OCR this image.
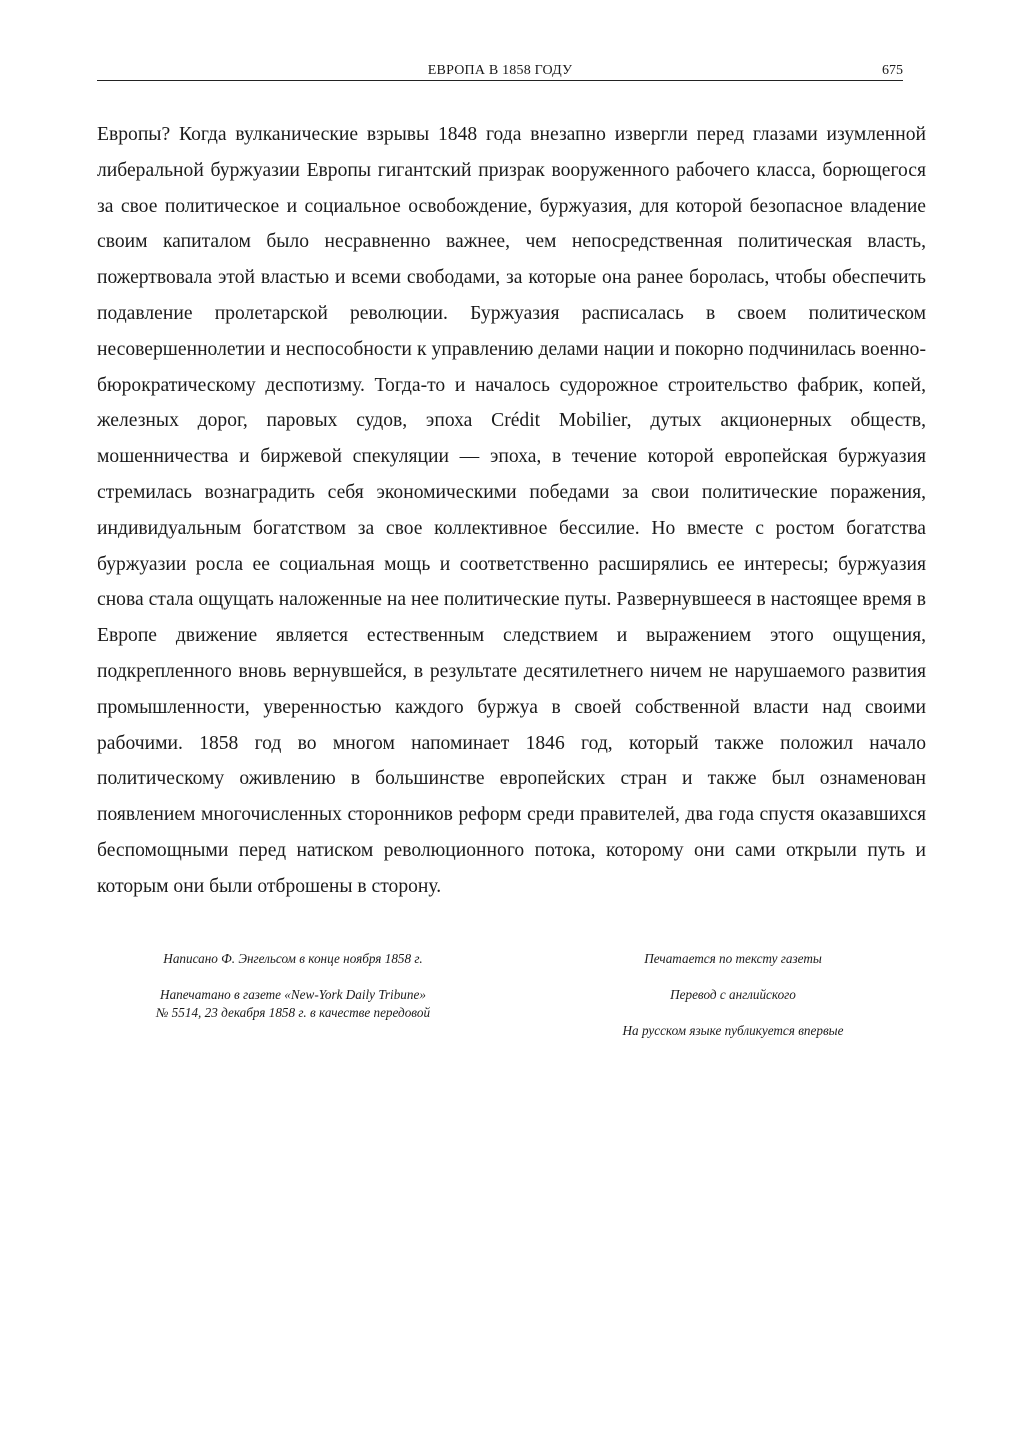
ЕВРОПА В 1858 ГОДУ	675

Европы? Когда вулканические взрывы 1848 года внезапно извергли перед глазами изумленной либеральной буржуазии Европы гигантский призрак вооруженного рабочего класса, борющегося за свое политическое и социальное освобождение, буржуазия, для которой безопасное владение своим капиталом было несравненно важнее, чем непосредственная политическая власть, пожертвовала этой властью и всеми свободами, за которые она ранее боролась, чтобы обеспечить подавление пролетарской революции. Буржуазия расписалась в своем политическом несовершеннолетии и неспособности к управлению делами нации и покорно подчинилась военно-бюрократическому деспотизму. Тогда-то и началось судорожное строительство фабрик, копей, железных дорог, паровых судов, эпоха Crédit Mobilier, дутых акционерных обществ, мошенничества и биржевой спекуляции — эпоха, в течение которой европейская буржуазия стремилась вознаградить себя экономическими победами за свои политические поражения, индивидуальным богатством за свое коллективное бессилие. Но вместе с ростом богатства буржуазии росла ее социальная мощь и соответственно расширялись ее интересы; буржуазия снова стала ощущать наложенные на нее политические путы. Развернувшееся в настоящее время в Европе движение является естественным следствием и выражением этого ощущения, подкрепленного вновь вернувшейся, в результате десятилетнего ничем не нарушаемого развития промышленности, уверенностью каждого буржуа в своей собственной власти над своими рабочими. 1858 год во многом напоминает 1846 год, который также положил начало политическому оживлению в большинстве европейских стран и также был ознаменован появлением многочисленных сторонников реформ среди правителей, два года спустя оказавшихся беспомощными перед натиском революционного потока, которому они сами открыли путь и которым они были отброшены в сторону.

Написано Ф. Энгельсом в конце ноября 1858 г.

Напечатано в газете «New-York Daily Tribune»
№ 5514, 23 декабря 1858 г. в качестве передовой

Печатается по тексту газеты

Перевод с английского

На русском языке публикуется впервые
